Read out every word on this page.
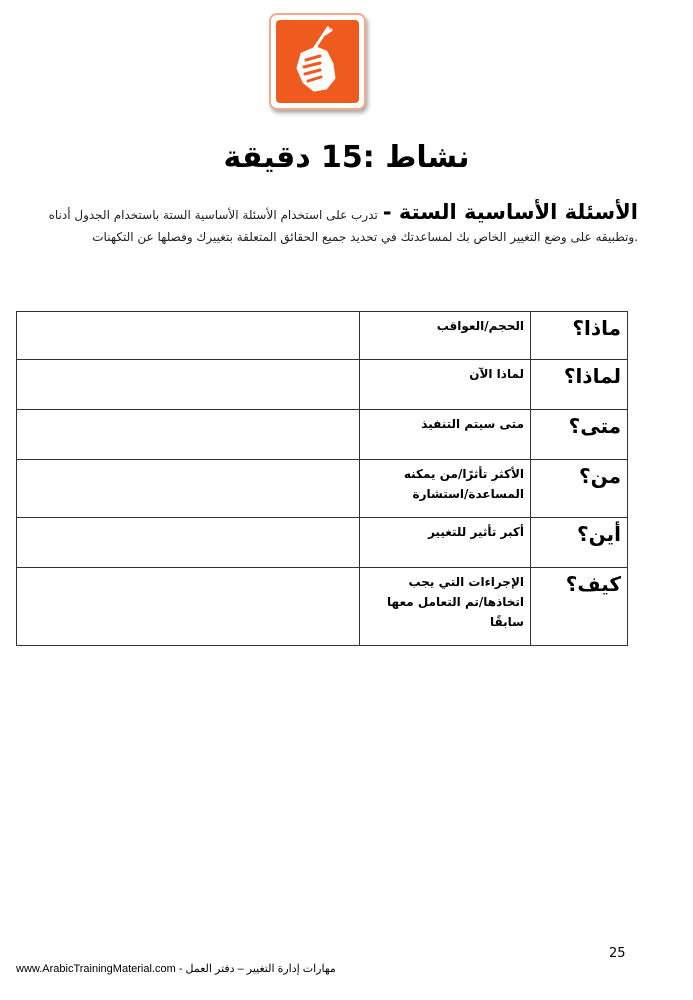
نشاط :15 دقيقة
الأسئلة الأساسية الستة - تدرب على استخدام الأسئلة الأساسية الستة باستخدام الجدول أدناه
.وتطبيقه على وضع التغيير الخاص بك لمساعدتك في تحديد جميع الحقائق المتعلقة بتغييرك وفصلها عن التكهنات
ماذا؟	الحجم/العواقب	
لماذا؟	لماذا الآن	
متى؟	متى سيتم التنفيذ	
من؟	الأكثر تأثرًا/من يمكنه المساعدة/استشارة	
أين؟	أكبر تأثير للتغيير	
كيف؟	الإجراءات التي يجب اتخاذها/تم التعامل معها سابقًا	
25
مهارات إدارة التغيير – دفتر العمل - www.ArabicTrainingMaterial.com
